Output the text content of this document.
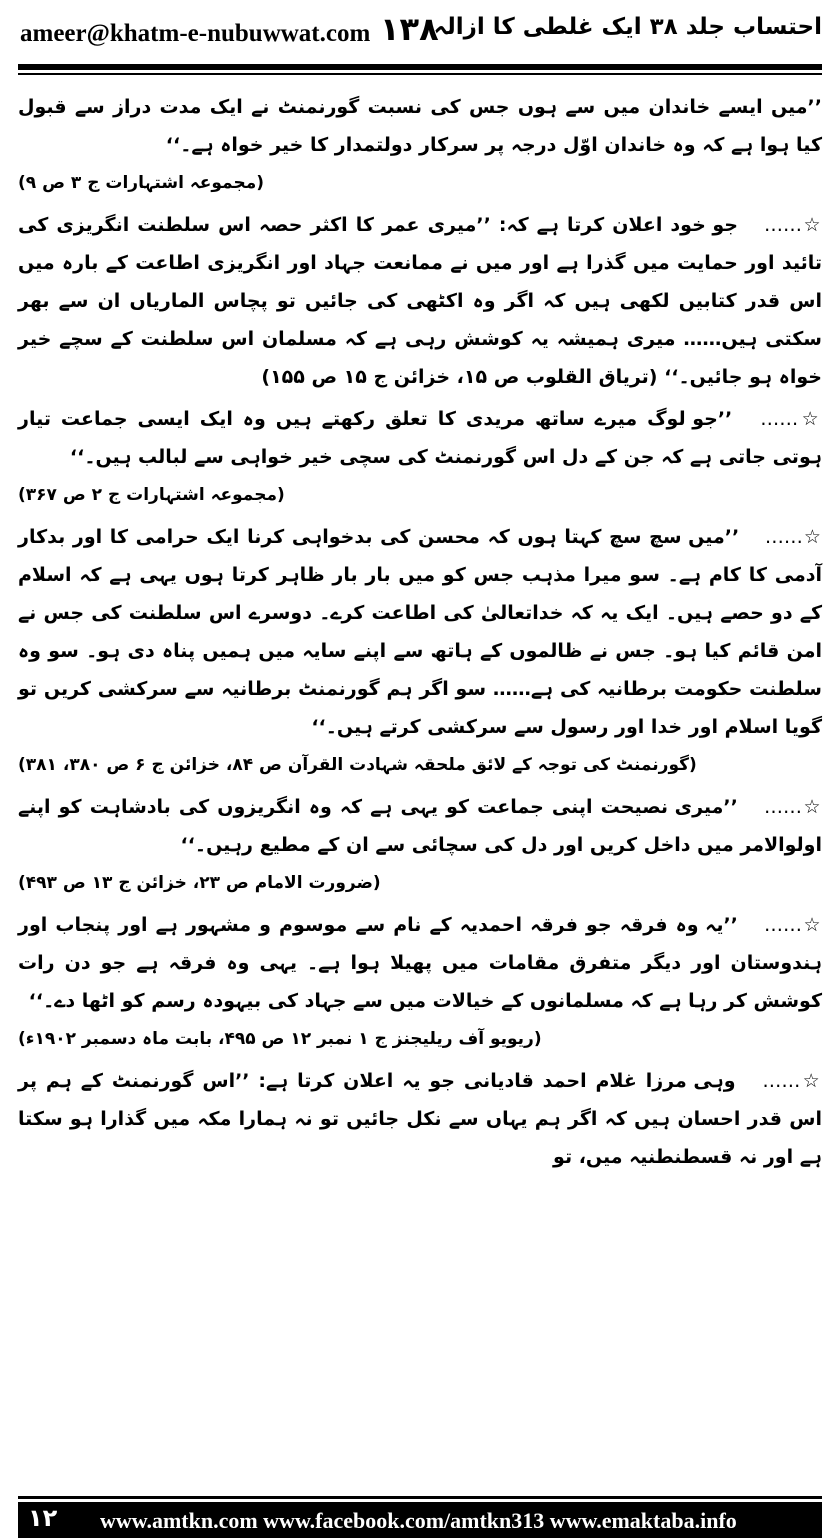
ameer@khatm-e-nubuwwat.com ۱۳۸
احتساب جلد ۳۸ ایک غلطی کا ازالہ

’’میں ایسے خاندان میں سے ہوں جس کی نسبت گورنمنٹ نے ایک مدت دراز سے قبول کیا ہوا ہے کہ وہ خاندان اوّل درجہ پر سرکار دولتمدار کا خیر خواہ ہے۔‘‘

(مجموعہ اشتہارات ج ۳ ص ۹)

☆…… جو خود اعلان کرتا ہے کہ: ’’میری عمر کا اکثر حصہ اس سلطنت انگریزی کی تائید اور حمایت میں گذرا ہے اور میں نے ممانعت جہاد اور انگریزی اطاعت کے بارہ میں اس قدر کتابیں لکھی ہیں کہ اگر وہ اکٹھی کی جائیں تو پچاس الماریاں ان سے بھر سکتی ہیں…… میری ہمیشہ یہ کوشش رہی ہے کہ مسلمان اس سلطنت کے سچے خیر خواہ ہو جائیں۔‘‘ (تریاق القلوب ص ۱۵، خزائن ج ۱۵ ص ۱۵۵)

☆…… ’’جو لوگ میرے ساتھ مریدی کا تعلق رکھتے ہیں وہ ایک ایسی جماعت تیار ہوتی جاتی ہے کہ جن کے دل اس گورنمنٹ کی سچی خیر خواہی سے لبالب ہیں۔‘‘

(مجموعہ اشتہارات ج ۲ ص ۳۶۷)

☆…… ’’میں سچ سچ کہتا ہوں کہ محسن کی بدخواہی کرنا ایک حرامی کا اور بدکار آدمی کا کام ہے۔ سو میرا مذہب جس کو میں بار بار ظاہر کرتا ہوں یہی ہے کہ اسلام کے دو حصے ہیں۔ ایک یہ کہ خداتعالیٰ کی اطاعت کرے۔ دوسرے اس سلطنت کی جس نے امن قائم کیا ہو۔ جس نے ظالموں کے ہاتھ سے اپنے سایہ میں ہمیں پناہ دی ہو۔ سو وہ سلطنت حکومت برطانیہ کی ہے…… سو اگر ہم گورنمنٹ برطانیہ سے سرکشی کریں تو گویا اسلام اور خدا اور رسول سے سرکشی کرتے ہیں۔‘‘

(گورنمنٹ کی توجہ کے لائق ملحقہ شہادت القرآن ص ۸۴، خزائن ج ۶ ص ۳۸۰، ۳۸۱)

☆…… ’’میری نصیحت اپنی جماعت کو یہی ہے کہ وہ انگریزوں کی بادشاہت کو اپنے اولوالامر میں داخل کریں اور دل کی سچائی سے ان کے مطیع رہیں۔‘‘

(ضرورت الامام ص ۲۳، خزائن ج ۱۳ ص ۴۹۳)

☆…… ’’یہ وہ فرقہ جو فرقہ احمدیہ کے نام سے موسوم و مشہور ہے اور پنجاب اور ہندوستان اور دیگر متفرق مقامات میں پھیلا ہوا ہے۔ یہی وہ فرقہ ہے جو دن رات کوشش کر رہا ہے کہ مسلمانوں کے خیالات میں سے جہاد کی بیہودہ رسم کو اٹھا دے۔‘‘

(ریویو آف ریلیجنز ج ۱ نمبر ۱۲ ص ۴۹۵، بابت ماہ دسمبر ۱۹۰۲ء)

☆…… وہی مرزا غلام احمد قادیانی جو یہ اعلان کرتا ہے: ’’اس گورنمنٹ کے ہم پر اس قدر احسان ہیں کہ اگر ہم یہاں سے نکل جائیں تو نہ ہمارا مکہ میں گذارا ہو سکتا ہے اور نہ قسطنطنیہ میں، تو

۱۲ www.amtkn.com www.facebook.com/amtkn313 www.emaktaba.info
